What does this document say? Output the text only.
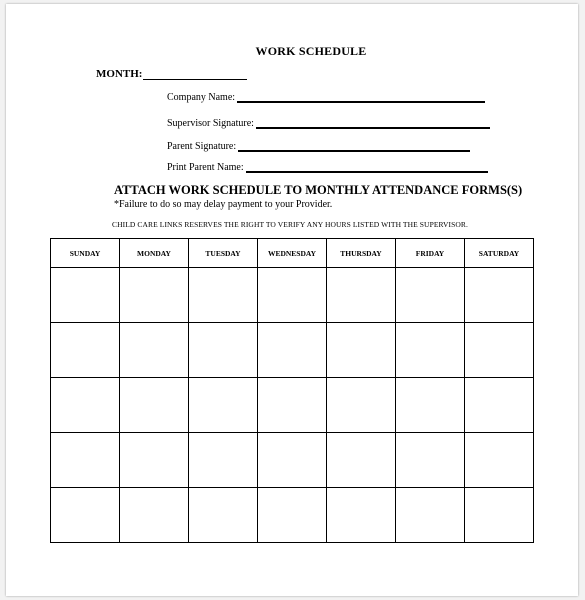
WORK SCHEDULE
MONTH:
Company Name:
Supervisor Signature:
Parent Signature:
Print Parent Name:
ATTACH WORK SCHEDULE TO MONTHLY ATTENDANCE FORMS(S)
*Failure to do so may delay payment to your Provider.
CHILD CARE LINKS RESERVES THE RIGHT TO VERIFY ANY HOURS LISTED WITH THE SUPERVISOR.
SUNDAY	MONDAY	TUESDAY	WEDNESDAY	THURSDAY	FRIDAY	SATURDAY
